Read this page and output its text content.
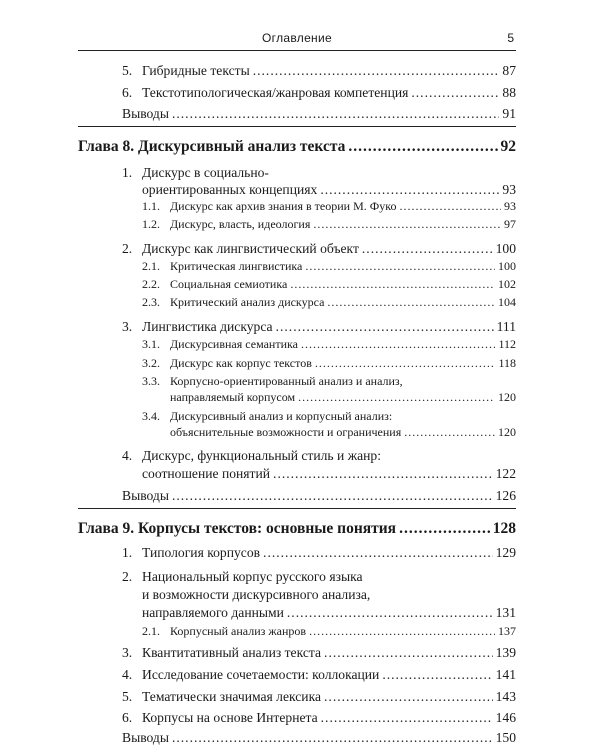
Оглавление	5
5. Гибридные тексты .....	87
6. Текстотипологическая/жанровая компетенция .....	88
Выводы .....	91
Глава 8. Дискурсивный анализ текста .....	92
1. Дискурс в социально-
ориентированных концепциях .....	93
1.1. Дискурс как архив знания в теории М. Фуко .....	93
1.2. Дискурс, власть, идеология .....	97
2. Дискурс как лингвистический объект .....	100
2.1. Критическая лингвистика .....	100
2.2. Социальная семиотика .....	102
2.3. Критический анализ дискурса .....	104
3. Лингвистика дискурса .....	111
3.1. Дискурсивная семантика .....	112
3.2. Дискурс как корпус текстов .....	118
3.3. Корпусно-ориентированный анализ и анализ,
направляемый корпусом .....	120
3.4. Дискурсивный анализ и корпусный анализ:
объяснительные возможности и ограничения .....	120
4. Дискурс, функциональный стиль и жанр:
соотношение понятий .....	122
Выводы .....	126
Глава 9. Корпусы текстов: основные понятия .....	128
1. Типология корпусов .....	129
2. Национальный корпус русского языка
и возможности дискурсивного анализа,
направляемого данными .....	131
2.1. Корпусный анализ жанров .....	137
3. Квантитативный анализ текста .....	139
4. Исследование сочетаемости: коллокации .....	141
5. Тематически значимая лексика .....	143
6. Корпусы на основе Интернета .....	146
Выводы .....	150
